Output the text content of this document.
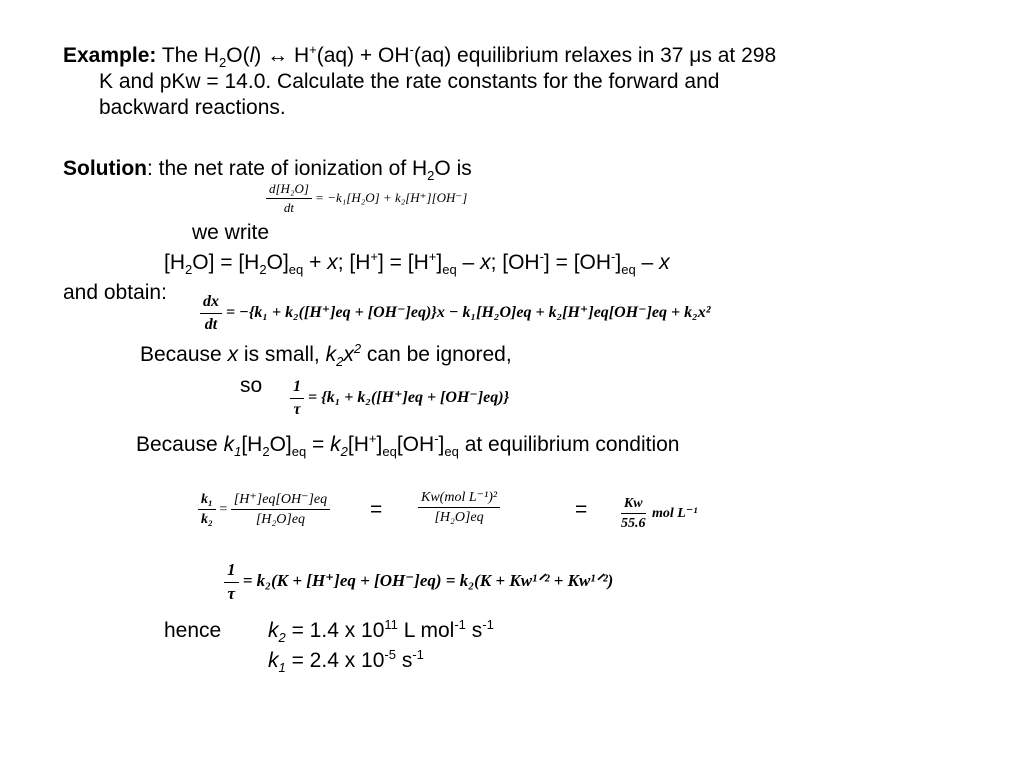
Example: The $H_2O(l)$ ↔ H+(aq) + OH-(aq) equilibrium relaxes in 37 μs at 298
K and pKw = 14.0. Calculate the rate constants for the forward and
backward reactions.
Solution: the net rate of ionization of $H_2O$ is
$\frac{\text{d[H₂O]}}{dt} = -k_1[H_2O] + k_2[H^+][OH^-]$
we write
$[H_2O] = [H_2O]_{eq} + x$; $[H^+] = [H^+]_{eq} - x$; $[OH^-] = [OH^-]_{eq} - x$
and obtain:
$\frac{dx}{dt} = -\{k_1 + k_2([H^+]eq + [OH^-]eq)\}x - k_1[H_2O]eq + k_2[H^+]eq[OH^-]eq + k_2x^2$
Because x is small, $k_2x^2$ can be ignored,
so $\frac{1}{\tau} = \{k_1 + k_2([H^+]eq + [OH^-]eq)\}$
Because $k_1[H_2O]_{eq} = k_2[H^+]_{eq}[OH^-]_{eq}$ at equilibrium condition
$\frac{\text{k₁}}{\text{k₂}} = \frac{[H^+]eq[OH^-]eq}{\text{[H₂O]eq}}$ =	$\frac{\text{Kw(mol L⁻¹)²}}{\text{[H₂O]eq}}$	= $\frac{Kw}{55.6}$ mol L⁻¹
$\frac{1}{\tau} = k_2(K + [H^+]eq + [OH^-]eq) = k_2(K$ + Kw¹ᐟ² + Kw¹ᐟ²)
hence $k_2 = 1.4$ x $10^{11}$ L mol$^{-1}$ $s^{-1}$
$k_1 = 2.4$ x $10^{-5}$ $s^{-1}$
